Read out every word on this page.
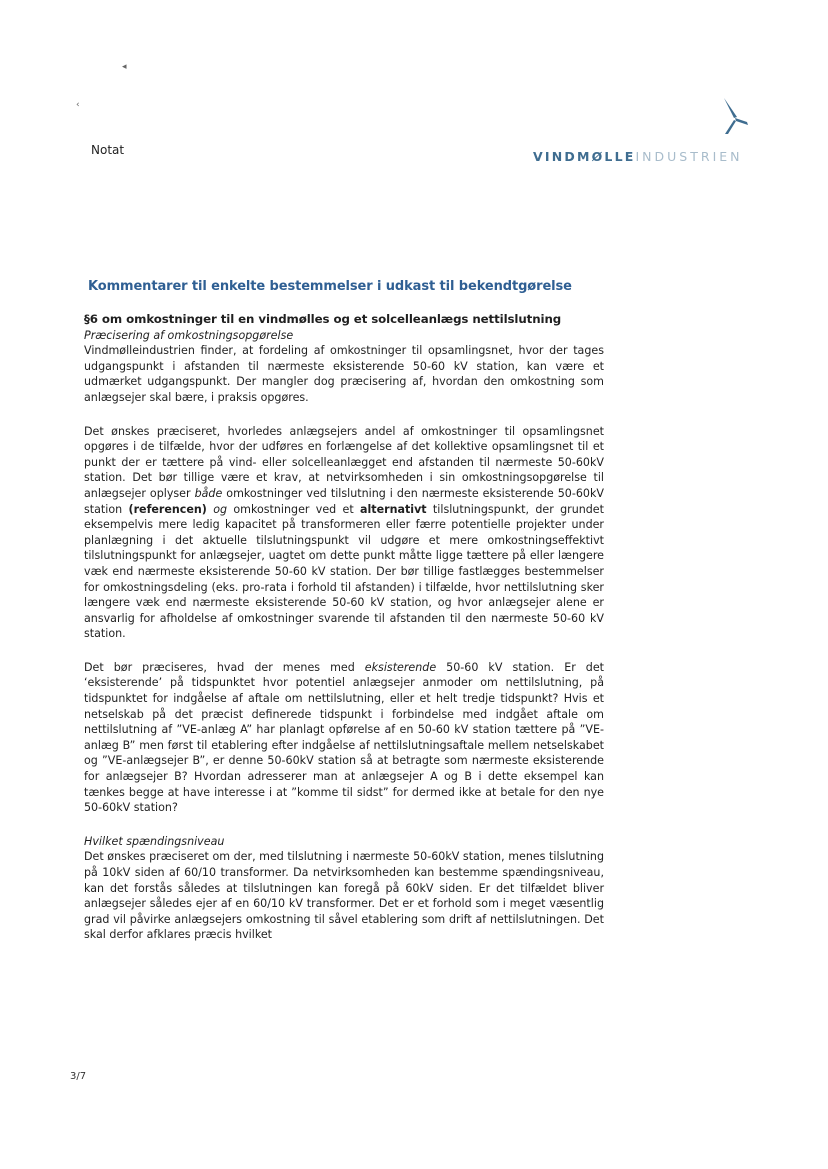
◂
‹
Notat	VINDMØLLEINDUSTRIEN
Kommentarer til enkelte bestemmelser i udkast til bekendtgørelse

§6 om omkostninger til en vindmølles og et solcelleanlægs nettilslutning

Præcisering af omkostningsopgørelse

Vindmølleindustrien finder, at fordeling af omkostninger til opsamlingsnet, hvor der tages udgangspunkt i afstanden til nærmeste eksisterende 50-60 kV station, kan være et udmærket udgangspunkt. Der mangler dog præcisering af, hvordan den omkostning som anlægsejer skal bære, i praksis opgøres.

Det ønskes præciseret, hvorledes anlægsejers andel af omkostninger til opsamlingsnet opgøres i de tilfælde, hvor der udføres en forlængelse af det kollektive opsamlingsnet til et punkt der er tættere på vind- eller solcelleanlægget end afstanden til nærmeste 50-60kV station. Det bør tillige være et krav, at netvirksomheden i sin omkostningsopgørelse til anlægsejer oplyser både omkostninger ved tilslutning i den nærmeste eksisterende 50-60kV station (referencen) og omkostninger ved et alternativt tilslutningspunkt, der grundet eksempelvis mere ledig kapacitet på transformeren eller færre potentielle projekter under planlægning i det aktuelle tilslutningspunkt vil udgøre et mere omkostningseffektivt tilslutningspunkt for anlægsejer, uagtet om dette punkt måtte ligge tættere på eller længere væk end nærmeste eksisterende 50-60 kV station. Der bør tillige fastlægges bestemmelser for omkostningsdeling (eks. pro-rata i forhold til afstanden) i tilfælde, hvor nettilslutning sker længere væk end nærmeste eksisterende 50-60 kV station, og hvor anlægsejer alene er ansvarlig for afholdelse af omkostninger svarende til afstanden til den nærmeste 50-60 kV station.

Det bør præciseres, hvad der menes med eksisterende 50-60 kV station. Er det ‘eksisterende’ på tidspunktet hvor potentiel anlægsejer anmoder om nettilslutning, på tidspunktet for indgåelse af aftale om nettilslutning, eller et helt tredje tidspunkt? Hvis et netselskab på det præcist definerede tidspunkt i forbindelse med indgået aftale om nettilslutning af ”VE-anlæg A” har planlagt opførelse af en 50-60 kV station tættere på ”VE-anlæg B” men først til etablering efter indgåelse af nettilslutningsaftale mellem netselskabet og ”VE-anlægsejer B”, er denne 50-60kV station så at betragte som nærmeste eksisterende for anlægsejer B? Hvordan adresserer man at anlægsejer A og B i dette eksempel kan tænkes begge at have interesse i at ”komme til sidst” for dermed ikke at betale for den nye 50-60kV station?

Hvilket spændingsniveau

Det ønskes præciseret om der, med tilslutning i nærmeste 50-60kV station, menes tilslutning på 10kV siden af 60/10 transformer. Da netvirksomheden kan bestemme spændingsniveau, kan det forstås således at tilslutningen kan foregå på 60kV siden. Er det tilfældet bliver anlægsejer således ejer af en 60/10 kV transformer. Det er et forhold som i meget væsentlig grad vil påvirke anlægsejers omkostning til såvel etablering som drift af nettilslutningen. Det skal derfor afklares præcis hvilket

3/7
